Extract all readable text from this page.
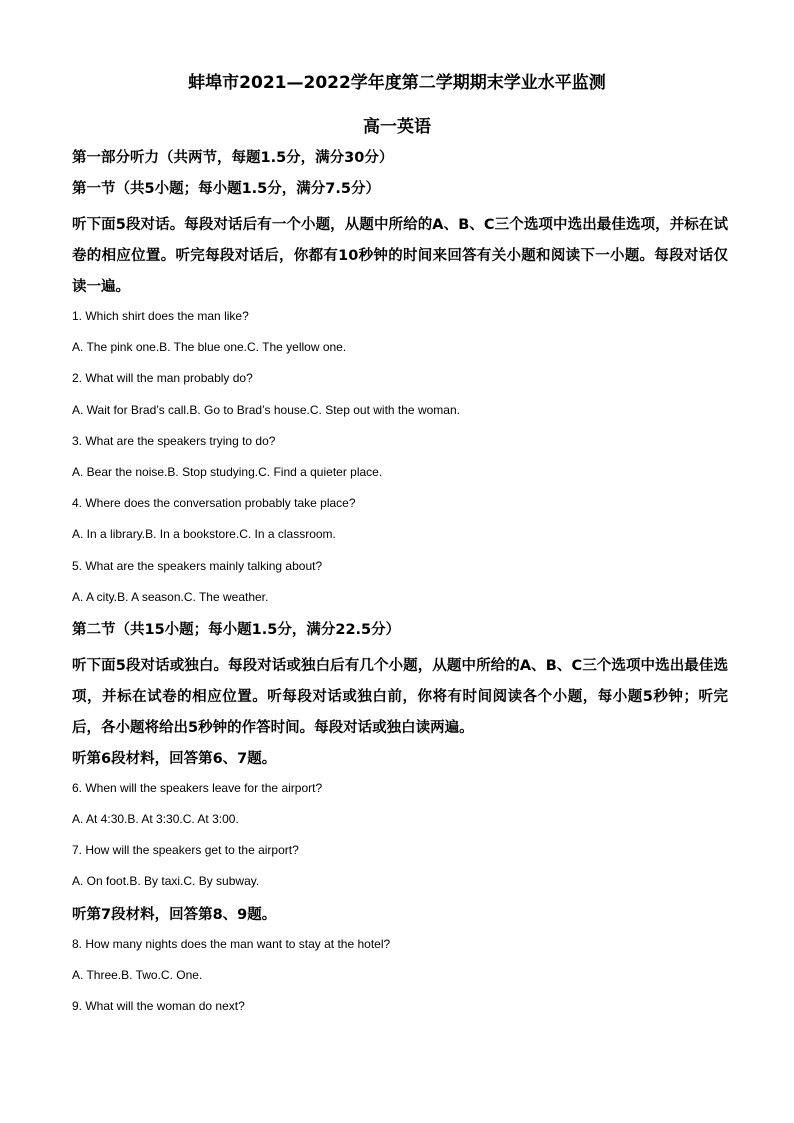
蚌埠市2021—2022学年度第二学期期末学业水平监测
高一英语
第一部分听力（共两节，每题1.5分，满分30分）
第一节（共5小题；每小题1.5分，满分7.5分）
听下面5段对话。每段对话后有一个小题，从题中所给的A、B、C三个选项中选出最佳选项，并标在试卷的相应位置。听完每段对话后，你都有10秒钟的时间来回答有关小题和阅读下一小题。每段对话仅读一遍。
1. Which shirt does the man like?
A. The pink one.B. The blue one.C. The yellow one.
2. What will the man probably do?
A. Wait for Brad’s call.B. Go to Brad’s house.C. Step out with the woman.
3. What are the speakers trying to do?
A. Bear the noise.B. Stop studying.C. Find a quieter place.
4. Where does the conversation probably take place?
A. In a library.B. In a bookstore.C. In a classroom.
5. What are the speakers mainly talking about?
A. A city.B. A season.C. The weather.
第二节（共15小题；每小题1.5分，满分22.5分）
听下面5段对话或独白。每段对话或独白后有几个小题，从题中所给的A、B、C三个选项中选出最佳选项，并标在试卷的相应位置。听每段对话或独白前，你将有时间阅读各个小题，每小题5秒钟；听完后，各小题将给出5秒钟的作答时间。每段对话或独白读两遍。
听第6段材料，回答第6、7题。
6. When will the speakers leave for the airport?
A. At 4:30.B. At 3:30.C. At 3:00.
7. How will the speakers get to the airport?
A. On foot.B. By taxi.C. By subway.
听第7段材料，回答第8、9题。
8. How many nights does the man want to stay at the hotel?
A. Three.B. Two.C. One.
9. What will the woman do next?
